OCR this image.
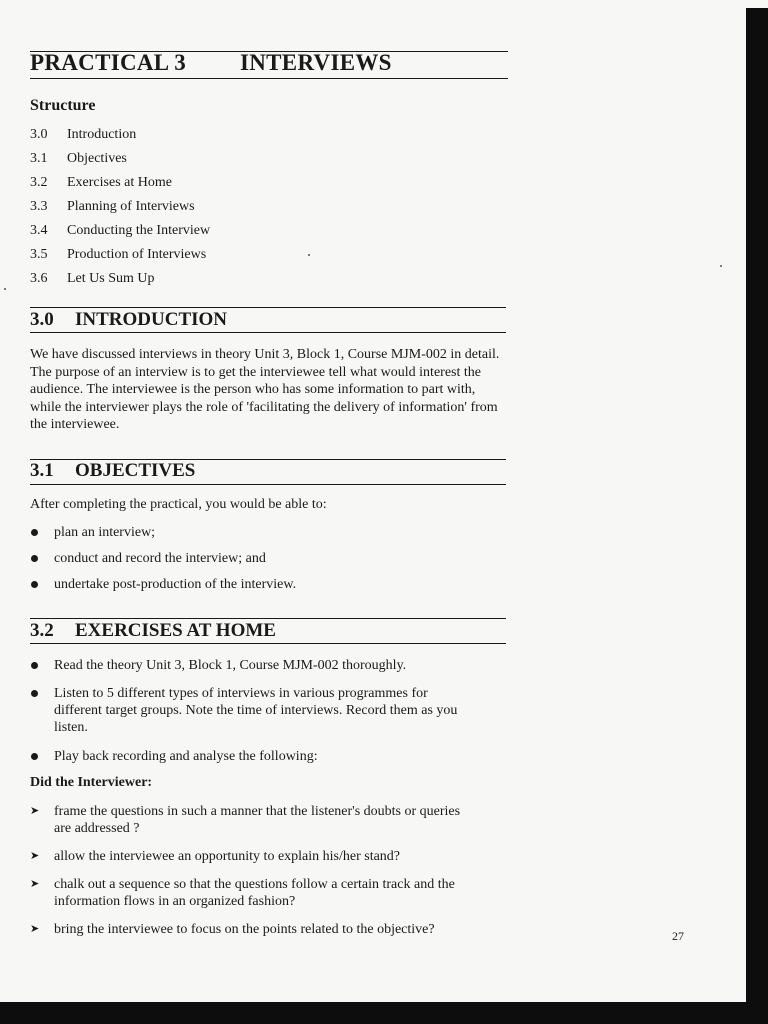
PRACTICAL 3 INTERVIEWS
Structure
3.0 Introduction
3.1 Objectives
3.2 Exercises at Home
3.3 Planning of Interviews
3.4 Conducting the Interview
3.5 Production of Interviews
3.6 Let Us Sum Up
3.0 INTRODUCTION
We have discussed interviews in theory Unit 3, Block 1, Course MJM-002 in detail. The purpose of an interview is to get the interviewee tell what would interest the audience. The interviewee is the person who has some information to part with, while the interviewer plays the role of 'facilitating the delivery of information' from the interviewee.
3.1 OBJECTIVES
After completing the practical, you would be able to:
plan an interview;
conduct and record the interview; and
undertake post-production of the interview.
3.2 EXERCISES AT HOME
Read the theory Unit 3, Block 1, Course MJM-002 thoroughly.
Listen to 5 different types of interviews in various programmes for different target groups. Note the time of interviews. Record them as you listen.
Play back recording and analyse the following:
Did the Interviewer:
➤ frame the questions in such a manner that the listener's doubts or queries are addressed ?
➤ allow the interviewee an opportunity to explain his/her stand?
➤ chalk out a sequence so that the questions follow a certain track and the information flows in an organized fashion?
➤ bring the interviewee to focus on the points related to the objective?	27
